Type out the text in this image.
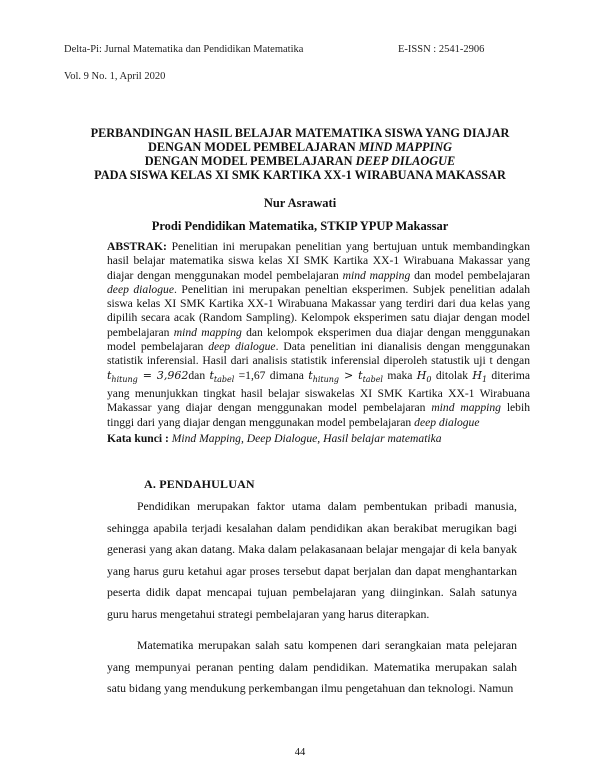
Delta-Pi: Jurnal Matematika dan Pendidikan Matematika	E-ISSN : 2541-2906
Vol. 9 No. 1, April 2020
PERBANDINGAN HASIL BELAJAR MATEMATIKA SISWA YANG DIAJAR
DENGAN MODEL PEMBELAJARAN MIND MAPPING
DENGAN MODEL PEMBELAJARAN DEEP DILAOGUE
PADA SISWA KELAS XI SMK KARTIKA XX-1 WIRABUANA MAKASSAR
Nur Asrawati
Prodi Pendidikan Matematika, STKIP YPUP Makassar
ABSTRAK: Penelitian ini merupakan penelitian yang bertujuan untuk membandingkan hasil belajar matematika siswa kelas XI SMK Kartika XX-1 Wirabuana Makassar yang diajar dengan menggunakan model pembelajaran mind mapping dan model pembelajaran deep dialogue. Penelitian ini merupakan peneltian eksperimen. Subjek penelitian adalah siswa kelas XI SMK Kartika XX-1 Wirabuana Makassar yang terdiri dari dua kelas yang dipilih secara acak (Random Sampling). Kelompok eksperimen satu diajar dengan model pembelajaran mind mapping dan kelompok eksperimen dua diajar dengan menggunakan model pembelajaran deep dialogue. Data penelitian ini dianalisis dengan menggunakan statistik inferensial. Hasil dari analisis statistik inferensial diperoleh statustik uji t dengan $t_{hitung} = 3,962dan$ $t_{tabel} =1,67$ dimana $t_{hitung} > t_{tabel}$ maka $H_0$ ditolak $H_1$ diterima yang menunjukkan tingkat hasil belajar siswakelas XI SMK Kartika XX-1 Wirabuana Makassar yang diajar dengan menggunakan model pembelajaran mind mapping lebih tinggi dari yang diajar dengan menggunakan model pembelajaran deep dialogue
Kata kunci : Mind Mapping, Deep Dialogue, Hasil belajar matematika
A. PENDAHULUAN

Pendidikan merupakan faktor utama dalam pembentukan pribadi manusia, sehingga apabila terjadi kesalahan dalam pendidikan akan berakibat merugikan bagi generasi yang akan datang. Maka dalam pelakasanaan belajar mengajar di kela banyak yang harus guru ketahui agar proses tersebut dapat berjalan dan dapat menghantarkan peserta didik dapat mencapai tujuan pembelajaran yang diinginkan. Salah satunya guru harus mengetahui strategi pembelajaran yang harus diterapkan.

Matematika merupakan salah satu kompenen dari serangkaian mata pelejaran yang mempunyai peranan penting dalam pendidikan. Matematika merupakan salah satu bidang yang mendukung perkembangan ilmu pengetahuan dan teknologi. Namun

44
